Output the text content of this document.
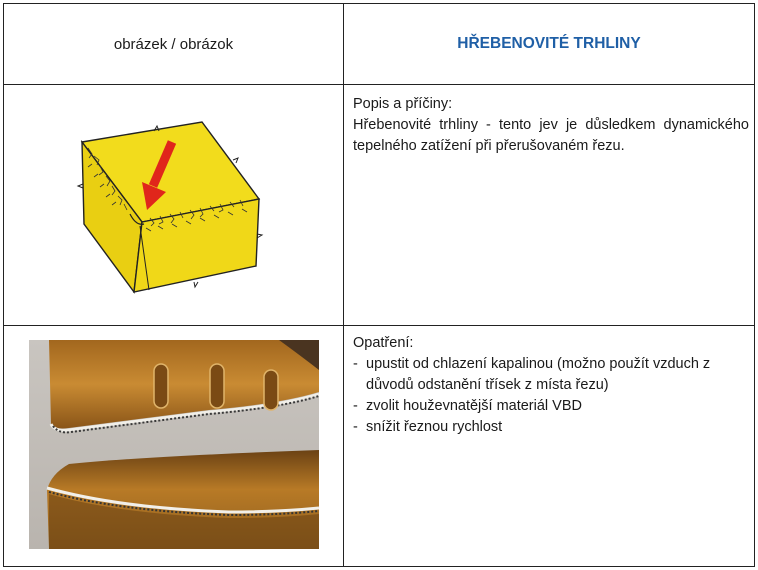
obrázek / obrázok	HŘEBENOVITÉ TRHLINY
Popis a příčiny:
Hřebenovité trhliny - tento jev je důsledkem dynamického tepelného zatížení při přerušovaném řezu.
Opatření:
- upustit od chlazení kapalinou (možno použít vzduch z důvodů odstanění třísek z místa řezu)
- zvolit houževnatější materiál VBD
- snížit řeznou rychlost
